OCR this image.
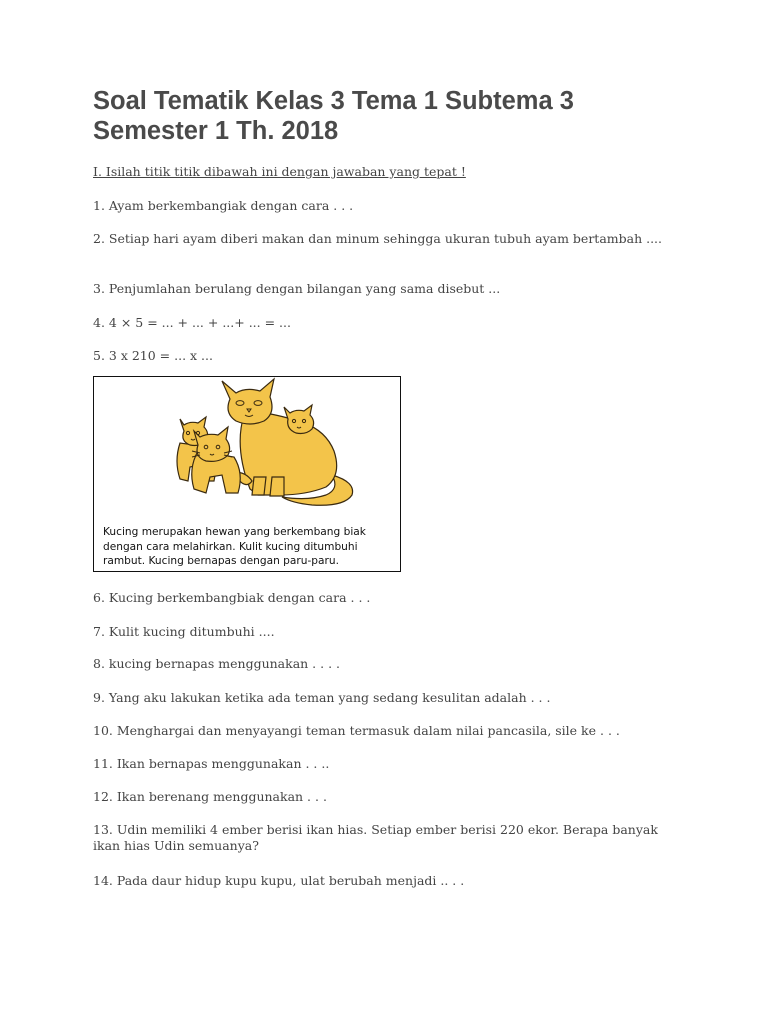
Soal Tematik Kelas 3 Tema 1 Subtema 3
Semester 1 Th. 2018

I. Isilah titik titik dibawah ini dengan jawaban yang tepat !

1. Ayam berkembangiak dengan cara . . .

2. Setiap hari ayam diberi makan dan minum sehingga ukuran tubuh ayam bertambah ....

3. Penjumlahan berulang dengan bilangan yang sama disebut ...

4. 4 × 5 = ... + ... + ...+ ... = ...

5. 3 x 210 = ... x ...

Kucing merupakan hewan yang berkembang biak
dengan cara melahirkan. Kulit kucing ditumbuhi
rambut. Kucing bernapas dengan paru-paru.

6. Kucing berkembangbiak dengan cara . . .

7. Kulit kucing ditumbuhi ....

8. kucing bernapas menggunakan . . . .

9. Yang aku lakukan ketika ada teman yang sedang kesulitan adalah . . .

10. Menghargai dan menyayangi teman termasuk dalam nilai pancasila, sile ke . . .

11. Ikan bernapas menggunakan . . ..

12. Ikan berenang menggunakan . . .

13. Udin memiliki 4 ember berisi ikan hias. Setiap ember berisi 220 ekor. Berapa banyak ikan hias Udin semuanya?

14. Pada daur hidup kupu kupu, ulat berubah menjadi .. . .
